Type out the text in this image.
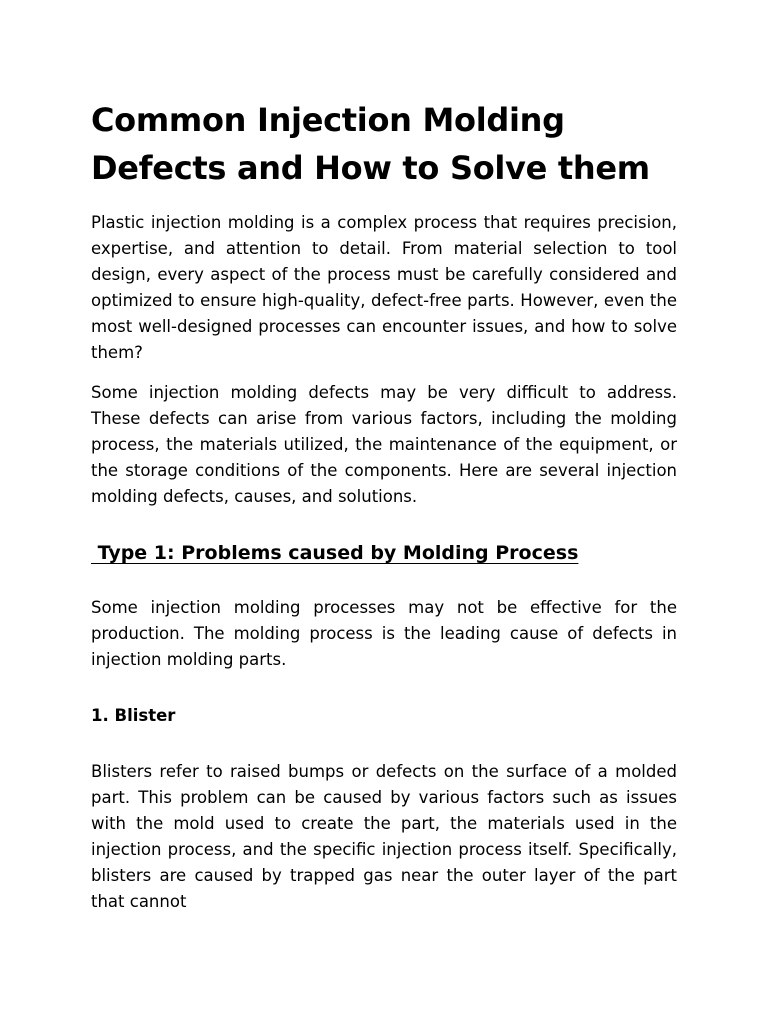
Common Injection Molding Defects and How to Solve them

Plastic injection molding is a complex process that requires precision, expertise, and attention to detail. From material selection to tool design, every aspect of the process must be carefully considered and optimized to ensure high-quality, defect-free parts. However, even the most well-designed processes can encounter issues, and how to solve them?

Some injection molding defects may be very difficult to address. These defects can arise from various factors, including the molding process, the materials utilized, the maintenance of the equipment, or the storage conditions of the components. Here are several injection molding defects, causes, and solutions.

Type 1: Problems caused by Molding Process

Some injection molding processes may not be effective for the production. The molding process is the leading cause of defects in injection molding parts.

1. Blister

Blisters refer to raised bumps or defects on the surface of a molded part. This problem can be caused by various factors such as issues with the mold used to create the part, the materials used in the injection process, and the specific injection process itself. Specifically, blisters are caused by trapped gas near the outer layer of the part that cannot
